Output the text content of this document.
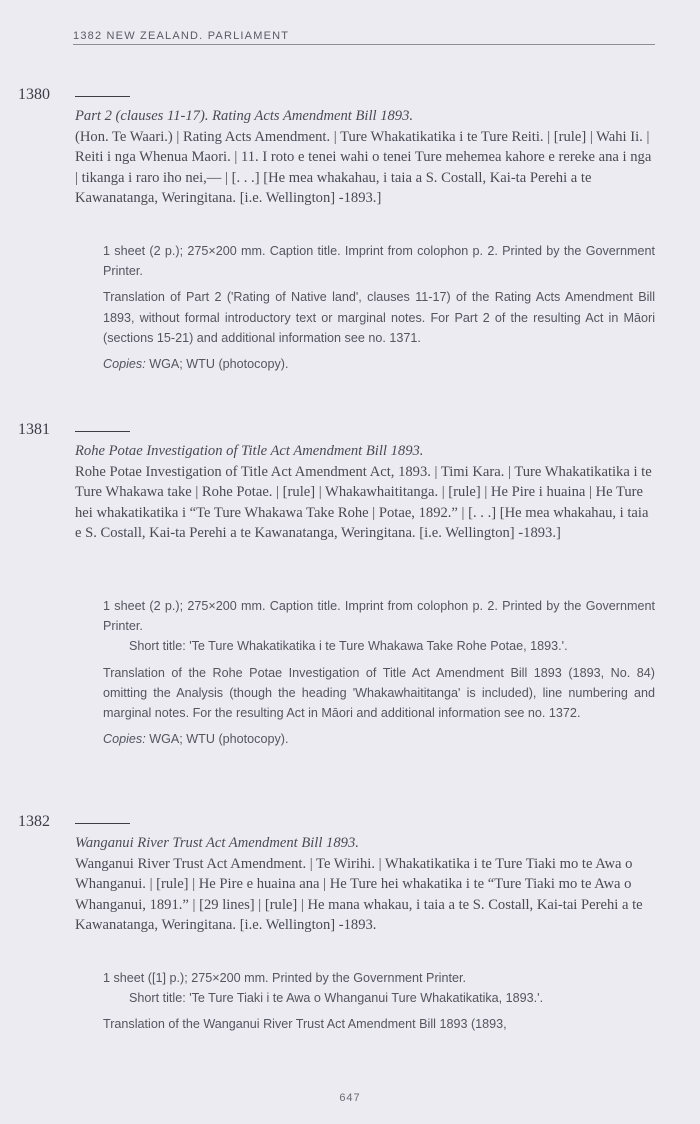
1382 NEW ZEALAND. PARLIAMENT
1380

Part 2 (clauses 11-17). Rating Acts Amendment Bill 1893.

(Hon. Te Waari.) | Rating Acts Amendment. | Ture Whakatikatika i te Ture Reiti. | [rule] | Wahi Ii. | Reiti i nga Whenua Maori. | 11. I roto e tenei wahi o tenei Ture mehemea kahore e rereke ana i nga | tikanga i raro iho nei,— | [. . .] [He mea whakahau, i taia a S. Costall, Kai-ta Perehi a te Kawanatanga, Weringitana. [i.e. Wellington] -1893.]

1 sheet (2 p.); 275×200 mm. Caption title. Imprint from colophon p. 2. Printed by the Government Printer.

Translation of Part 2 ('Rating of Native land', clauses 11-17) of the Rating Acts Amendment Bill 1893, without formal introductory text or marginal notes. For Part 2 of the resulting Act in Māori (sections 15-21) and additional information see no. 1371.

Copies: WGA; WTU (photocopy).

1381

Rohe Potae Investigation of Title Act Amendment Bill 1893.

Rohe Potae Investigation of Title Act Amendment Act, 1893. | Timi Kara. | Ture Whakatikatika i te Ture Whakawa take | Rohe Potae. | [rule] | Whakawhaititanga. | [rule] | He Pire i huaina | He Ture hei whakatikatika i “Te Ture Whakawa Take Rohe | Potae, 1892.” | [. . .] [He mea whakahau, i taia e S. Costall, Kai-ta Perehi a te Kawanatanga, Weringitana. [i.e. Wellington] -1893.]

1 sheet (2 p.); 275×200 mm. Caption title. Imprint from colophon p. 2. Printed by the Government Printer.

Short title: 'Te Ture Whakatikatika i te Ture Whakawa Take Rohe Potae, 1893.'.

Translation of the Rohe Potae Investigation of Title Act Amendment Bill 1893 (1893, No. 84) omitting the Analysis (though the heading 'Whakawhaititanga' is included), line numbering and marginal notes. For the resulting Act in Māori and additional information see no. 1372.

Copies: WGA; WTU (photocopy).

1382

Wanganui River Trust Act Amendment Bill 1893.

Wanganui River Trust Act Amendment. | Te Wirihi. | Whakatikatika i te Ture Tiaki mo te Awa o Whanganui. | [rule] | He Pire e huaina ana | He Ture hei whakatika i te “Ture Tiaki mo te Awa o Whanganui, 1891.” | [29 lines] | [rule] | He mana whakau, i taia a te S. Costall, Kai-tai Perehi a te Kawanatanga, Weringitana. [i.e. Wellington] -1893.

1 sheet ([1] p.); 275×200 mm. Printed by the Government Printer.

Short title: 'Te Ture Tiaki i te Awa o Whanganui Ture Whakatikatika, 1893.'.

Translation of the Wanganui River Trust Act Amendment Bill 1893 (1893,

647
